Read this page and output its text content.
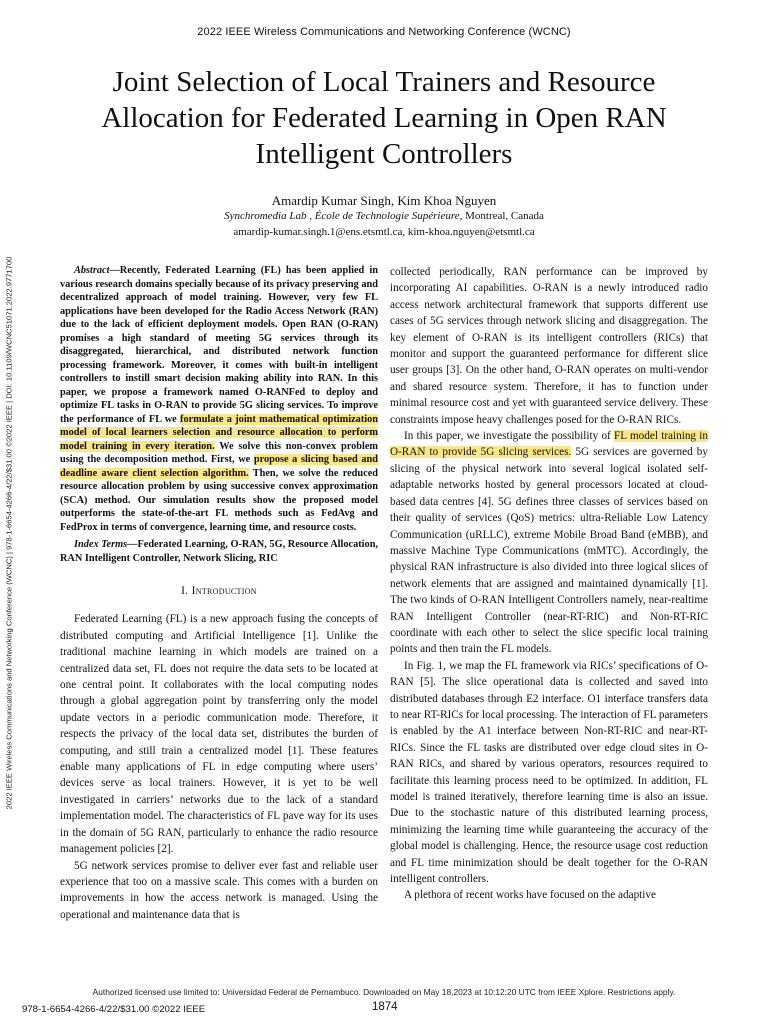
2022 IEEE Wireless Communications and Networking Conference (WCNC)
Joint Selection of Local Trainers and Resource
Allocation for Federated Learning in Open RAN
Intelligent Controllers
Amardip Kumar Singh, Kim Khoa Nguyen
Synchromedia Lab , École de Technologie Supérieure, Montreal, Canada
amardip-kumar.singh.1@ens.etsmtl.ca, kim-khoa.nguyen@etsmtl.ca
2022 IEEE Wireless Communications and Networking Conference (WCNC) | 978-1-6654-4266-4/22/$31.00 ©2022 IEEE | DOI: 10.1109/WCNC51071.2022.9771700	Abstract—Recently, Federated Learning (FL) has been applied in various research domains specially because of its privacy preserving and decentralized approach of model training. However, very few FL applications have been developed for the Radio Access Network (RAN) due to the lack of efficient deployment models. Open RAN (O-RAN) promises a high standard of meeting 5G services through its disaggregated, hierarchical, and distributed network function processing framework. Moreover, it comes with built-in intelligent controllers to instill smart decision making ability into RAN. In this paper, we propose a framework named O-RANFed to deploy and optimize FL tasks in O-RAN to provide 5G slicing services. To improve the performance of FL we formulate a joint mathematical optimization model of local learners selection and resource allocation to perform model training in every iteration. We solve this non-convex problem using the decomposition method. First, we propose a slicing based and deadline aware client selection algorithm. Then, we solve the reduced resource allocation problem by using successive convex approximation (SCA) method. Our simulation results show the proposed model outperforms the state-of-the-art FL methods such as FedAvg and FedProx in terms of convergence, learning time, and resource costs.

Index Terms—Federated Learning, O-RAN, 5G, Resource Allocation, RAN Intelligent Controller, Network Slicing, RIC

I. Introduction

Federated Learning (FL) is a new approach fusing the concepts of distributed computing and Artificial Intelligence [1]. Unlike the traditional machine learning in which models are trained on a centralized data set, FL does not require the data sets to be located at one central point. It collaborates with the local computing nodes through a global aggregation point by transferring only the model update vectors in a periodic communication mode. Therefore, it respects the privacy of the local data set, distributes the burden of computing, and still train a centralized model [1]. These features enable many applications of FL in edge computing where users’ devices serve as local trainers. However, it is yet to be well investigated in carriers’ networks due to the lack of a standard implementation model. The characteristics of FL pave way for its uses in the domain of 5G RAN, particularly to enhance the radio resource management policies [2].

5G network services promise to deliver ever fast and reliable user experience that too on a massive scale. This comes with a burden on improvements in how the access network is managed. Using the operational and maintenance data that is

collected periodically, RAN performance can be improved by incorporating AI capabilities. O-RAN is a newly introduced radio access network architectural framework that supports different use cases of 5G services through network slicing and disaggregation. The key element of O-RAN is its intelligent controllers (RICs) that monitor and support the guaranteed performance for different slice user groups [3]. On the other hand, O-RAN operates on multi-vendor and shared resource system. Therefore, it has to function under minimal resource cost and yet with guaranteed service delivery. These constraints impose heavy challenges posed for the O-RAN RICs.

In this paper, we investigate the possibility of FL model training in O-RAN to provide 5G slicing services. 5G services are governed by slicing of the physical network into several logical isolated self-adaptable networks hosted by general processors located at cloud-based data centres [4]. 5G defines three classes of services based on their quality of services (QoS) metrics: ultra-Reliable Low Latency Communication (uRLLC), extreme Mobile Broad Band (eMBB), and massive Machine Type Communications (mMTC). Accordingly, the physical RAN infrastructure is also divided into three logical slices of network elements that are assigned and maintained dynamically [1]. The two kinds of O-RAN Intelligent Controllers namely, near-realtime RAN Intelligent Controller (near-RT-RIC) and Non-RT-RIC coordinate with each other to select the slice specific local training points and then train the FL models.

In Fig. 1, we map the FL framework via RICs’ specifications of O-RAN [5]. The slice operational data is collected and saved into distributed databases through E2 interface. O1 interface transfers data to near RT-RICs for local processing. The interaction of FL parameters is enabled by the A1 interface between Non-RT-RIC and near-RT-RICs. Since the FL tasks are distributed over edge cloud sites in O-RAN RICs, and shared by various operators, resources required to facilitate this learning process need to be optimized. In addition, FL model is trained iteratively, therefore learning time is also an issue. Due to the stochastic nature of this distributed learning process, minimizing the learning time while guaranteeing the accuracy of the global model is challenging. Hence, the resource usage cost reduction and FL time minimization should be dealt together for the O-RAN intelligent controllers.

A plethora of recent works have focused on the adaptive

Authorized licensed use limited to: Universidad Federal de Pernambuco. Downloaded on May 18,2023 at 10:12:20 UTC from IEEE Xplore. Restrictions apply.
978-1-6654-4266-4/22/$31.00 ©2022 IEEE	1874
